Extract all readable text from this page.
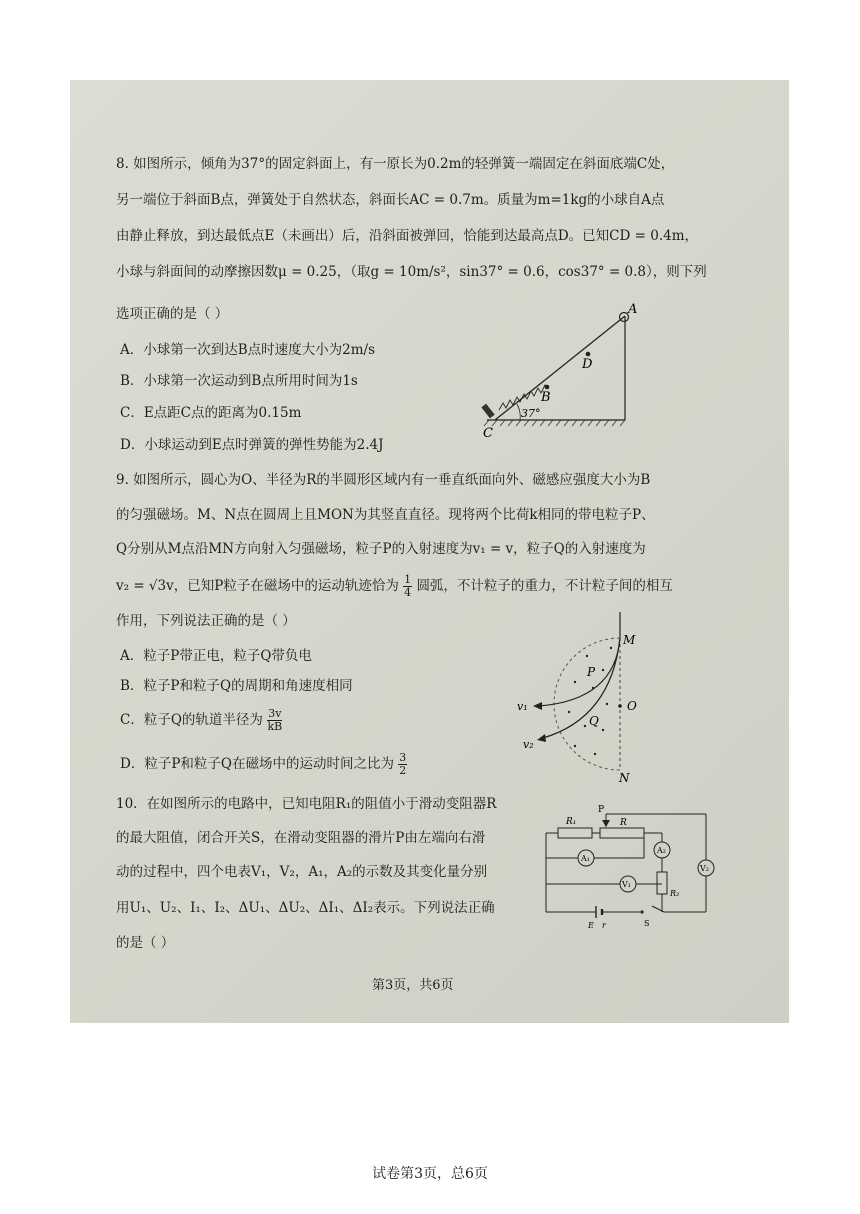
8. 如图所示，倾角为37°的固定斜面上，有一原长为0.2m的轻弹簧一端固定在斜面底端C处，
另一端位于斜面B点，弹簧处于自然状态，斜面长AC = 0.7m。质量为m=1kg的小球自A点
由静止释放，到达最低点E（未画出）后，沿斜面被弹回，恰能到达最高点D。已知CD = 0.4m，
小球与斜面间的动摩擦因数μ = 0.25，（取g = 10m/s²，sin37° = 0.6，cos37° = 0.8），则下列
选项正确的是（ ）
A．小球第一次到达B点时速度大小为2m/s
B．小球第一次运动到B点所用时间为1s
C．E点距C点的距离为0.15m
D．小球运动到E点时弹簧的弹性势能为2.4J
37°
A
B
C
D
9. 如图所示，圆心为O、半径为R的半圆形区域内有一垂直纸面向外、磁感应强度大小为B
的匀强磁场。M、N点在圆周上且MON为其竖直直径。现将两个比荷k相同的带电粒子P、
Q分别从M点沿MN方向射入匀强磁场，粒子P的入射速度为v₁ = v，粒子Q的入射速度为
v₂ = √3v，已知P粒子在磁场中的运动轨迹恰为 $\frac{1}{4}$ 圆弧，不计粒子的重力，不计粒子间的相互
作用，下列说法正确的是（ ）
A．粒子P带正电，粒子Q带负电
B．粒子P和粒子Q的周期和角速度相同
C．粒子Q的轨道半径为 $\frac{3v}{kB}$
D．粒子P和粒子Q在磁场中的运动时间之比为 $\frac{3}{2}$
M
N
O
P
Q
v₁
v₂
10．在如图所示的电路中，已知电阻R₁的阻值小于滑动变阻器R
的最大阻值，闭合开关S，在滑动变阻器的滑片P由左端向右滑
动的过程中，四个电表V₁，V₂，A₁，A₂的示数及其变化量分别
用U₁、U₂、I₁、I₂、ΔU₁、ΔU₂、ΔI₁、ΔI₂表示。下列说法正确
的是（ ）
R₁	R
P
A₂
A₁
V₁
V₂
R₂
S
E r
第3页，共6页
试卷第3页，总6页
